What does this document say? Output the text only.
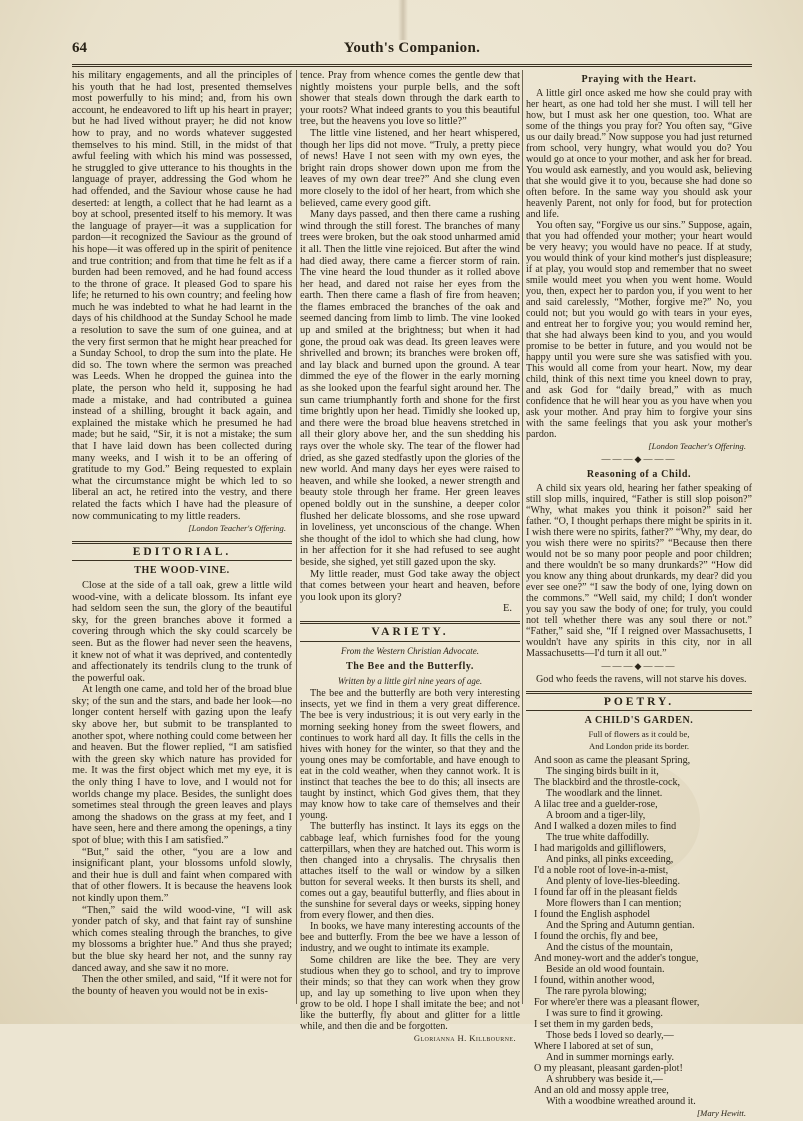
Youth's Companion.
64

his military engagements, and all the principles of his youth that he had lost, presented themselves most powerfully to his mind; and, from his own account, he endeavored to lift up his heart in prayer; but he had lived without prayer; he did not know how to pray, and no words whatever suggested themselves to his mind. Still, in the midst of that awful feeling with which his mind was possessed, he struggled to give utterance to his thoughts in the language of prayer, addressing the God whom he had offended, and the Saviour whose cause he had deserted: at length, a collect that he had learnt as a boy at school, presented itself to his memory. It was the language of prayer—it was a supplication for pardon—it recognized the Saviour as the ground of his hope—it was offered up in the spirit of penitence and true contrition; and from that time he felt as if a burden had been removed, and he had found access to the throne of grace. It pleased God to spare his life; he returned to his own country; and feeling how much he was indebted to what he had learnt in the days of his childhood at the Sunday School he made a resolution to save the sum of one guinea, and at the very first sermon that he might hear preached for a Sunday School, to drop the sum into the plate. He did so. The town where the sermon was preached was Leeds. When he dropped the guinea into the plate, the person who held it, supposing he had made a mistake, and had contributed a guinea instead of a shilling, brought it back again, and explained the mistake which he presumed he had made; but he said, “Sir, it is not a mistake; the sum that I have laid down has been collected during many weeks, and I wish it to be an offering of gratitude to my God.” Being requested to explain what the circumstance might be which led to so liberal an act, he retired into the vestry, and there related the facts which I have had the pleasure of now communicating to my little readers.

[London Teacher's Offering.
EDITORIAL.
THE WOOD-VINE.

Close at the side of a tall oak, grew a little wild wood-vine, with a delicate blossom. Its infant eye had seldom seen the sun, the glory of the beautiful sky, for the green branches above it formed a covering through which the sky could scarcely be seen. But as the flower had never seen the heavens, it knew not of what it was deprived, and contentedly and affectionately its tendrils clung to the trunk of the powerful oak.

At length one came, and told her of the broad blue sky; of the sun and the stars, and bade her look—no longer content herself with gazing upon the leafy sky above her, but submit to be transplanted to another spot, where nothing could come between her and heaven. But the flower replied, “I am satisfied with the green sky which nature has provided for me. It was the first object which met my eye, it is the only thing I have to love, and I would not for worlds change my place. Besides, the sunlight does sometimes steal through the green leaves and plays among the shadows on the grass at my feet, and I have seen, here and there among the openings, a tiny spot of blue; with this I am satisfied.”

“But,” said the other, “you are a low and insignificant plant, your blossoms unfold slowly, and their hue is dull and faint when compared with that of other flowers. It is because the heavens look not kindly upon them.”

“Then,” said the wild wood-vine, “I will ask yonder patch of sky, and that faint ray of sunshine which comes stealing through the branches, to give my blossoms a brighter hue.” And thus she prayed; but the blue sky heard her not, and the sunny ray danced away, and she saw it no more.

Then the other smiled, and said, “If it were not for the bounty of heaven you would not be in exis-

tence. Pray from whence comes the gentle dew that nightly moistens your purple bells, and the soft shower that steals down through the dark earth to your roots? What indeed grants to you this beautiful tree, but the heavens you love so little?”

The little vine listened, and her heart whispered, though her lips did not move. “Truly, a pretty piece of news! Have I not seen with my own eyes, the bright rain drops shower down upon me from the leaves of my own dear tree?” And she clung even more closely to the idol of her heart, from which she believed, came every good gift.

Many days passed, and then there came a rushing wind through the still forest. The branches of many trees were broken, but the oak stood unharmed amid it all. Then the little vine rejoiced. But after the wind had died away, there came a fiercer storm of rain. The vine heard the loud thunder as it rolled above her head, and dared not raise her eyes from the earth. Then there came a flash of fire from heaven; the flames embraced the branches of the oak and seemed dancing from limb to limb. The vine looked up and smiled at the brightness; but when it had gone, the proud oak was dead. Its green leaves were shrivelled and brown; its branches were broken off, and lay black and burned upon the ground. A tear dimmed the eye of the flower in the early morning as she looked upon the fearful sight around her. The sun came triumphantly forth and shone for the first time brightly upon her head. Timidly she looked up, and there were the broad blue heavens stretched in all their glory above her, and the sun shedding his rays over the whole sky. The tear of the flower had dried, as she gazed stedfastly upon the glories of the new world. And many days her eyes were raised to heaven, and while she looked, a newer strength and beauty stole through her frame. Her green leaves opened boldly out in the sunshine, a deeper color flushed her delicate blossoms, and she rose upward in loveliness, yet unconscious of the change. When she thought of the idol to which she had clung, how in her affection for it she had refused to see aught beside, she sighed, yet still gazed upon the sky.

My little reader, must God take away the object that comes between your heart and heaven, before you look upon its glory?

E.
VARIETY.
From the Western Christian Advocate.
The Bee and the Butterfly.
Written by a little girl nine years of age.

The bee and the butterfly are both very interesting insects, yet we find in them a very great difference. The bee is very industrious; it is out very early in the morning seeking honey from the sweet flowers, and continues to work hard all day. It fills the cells in the hives with honey for the winter, so that they and the young ones may be comfortable, and have enough to eat in the cold weather, when they cannot work. It is instinct that teaches the bee to do this; all insects are taught by instinct, which God gives them, that they may know how to take care of themselves and their young.

The butterfly has instinct. It lays its eggs on the cabbage leaf, which furnishes food for the young catterpillars, when they are hatched out. This worm is then changed into a chrysalis. The chrysalis then attaches itself to the wall or window by a silken button for several weeks. It then bursts its shell, and comes out a gay, beautiful butterfly, and flies about in the sunshine for several days or weeks, sipping honey from every flower, and then dies.

In books, we have many interesting accounts of the bee and butterfly. From the bee we have a lesson of industry, and we ought to intimate its example.

Some children are like the bee. They are very studious when they go to school, and try to improve their minds; so that they can work when they grow up, and lay up something to live upon when they grow to be old. I hope I shall imitate the bee; and not like the butterfly, fly about and glitter for a little while, and then die and be forgotten.

Glorianna H. Killbourne.
Praying with the Heart.

A little girl once asked me how she could pray with her heart, as one had told her she must. I will tell her how, but I must ask her one question, too. What are some of the things you pray for? You often say, “Give us our daily bread.” Now suppose you had just returned from school, very hungry, what would you do? You would go at once to your mother, and ask her for bread. You would ask earnestly, and you would ask, believing that she would give it to you, because she had done so often before. In the same way you should ask your heavenly Parent, not only for food, but for protection and life.

You often say, “Forgive us our sins.” Suppose, again, that you had offended your mother; your heart would be very heavy; you would have no peace. If at study, you would think of your kind mother's just displeasure; if at play, you would stop and remember that no sweet smile would meet you when you went home. Would you, then, expect her to pardon you, if you went to her and said carelessly, “Mother, forgive me?” No, you could not; but you would go with tears in your eyes, and entreat her to forgive you; you would remind her, that she had always been kind to you, and you would promise to be better in future, and you would not be happy until you were sure she was satisfied with you. This would all come from your heart. Now, my dear child, think of this next time you kneel down to pray, and ask God for “daily bread,” with as much confidence that he will hear you as you have when you ask your mother. And pray him to forgive your sins with the same feelings that you ask your mother's pardon.

[London Teacher's Offering.
———◆———
Reasoning of a Child.

A child six years old, hearing her father speaking of still slop mills, inquired, “Father is still slop poison?” “Why, what makes you think it poison?” said her father. “O, I thought perhaps there might be spirits in it. I wish there were no spirits, father?” “Why, my dear, do you wish there were no spirits?” “Because then there would not be so many poor people and poor children; and there wouldn't be so many drunkards?” “How did you know any thing about drunkards, my dear? did you ever see one?” “I saw the body of one, lying down on the commons.” “Well said, my child; I don't wonder you say you saw the body of one; for truly, you could not tell whether there was any soul there or not.” “Father,” said she, “If I reigned over Massachusetts, I wouldn't have any spirits in this city, nor in all Massachusetts—I'd turn it all out.”

———◆———

God who feeds the ravens, will not starve his doves.

POETRY.
A CHILD'S GARDEN.
Full of flowers as it could be,
And London pride its border.
And soon as came the pleasant Spring,
The singing birds built in it,
The blackbird and the throstle-cock,
The woodlark and the linnet.
A lilac tree and a guelder-rose,
A broom and a tiger-lily,
And I walked a dozen miles to find
The true white daffodilly.
I had marigolds and gilliflowers,
And pinks, all pinks exceeding,
I'd a noble root of love-in-a-mist,
And plenty of love-lies-bleeding.
I found far off in the pleasant fields
More flowers than I can mention;
I found the English asphodel
And the Spring and Autumn gentian.
I found the orchis, fly and bee,
And the cistus of the mountain,
And money-wort and the adder's tongue,
Beside an old wood fountain.
I found, within another wood,
The rare pyrola blowing;
For where'er there was a pleasant flower,
I was sure to find it growing.
I set them in my garden beds,
Those beds I loved so dearly,—
Where I labored at set of sun,
And in summer mornings early.
O my pleasant, pleasant garden-plot!
A shrubbery was beside it,—
And an old and mossy apple tree,
With a woodbine wreathed around it.
[Mary Hewitt.
